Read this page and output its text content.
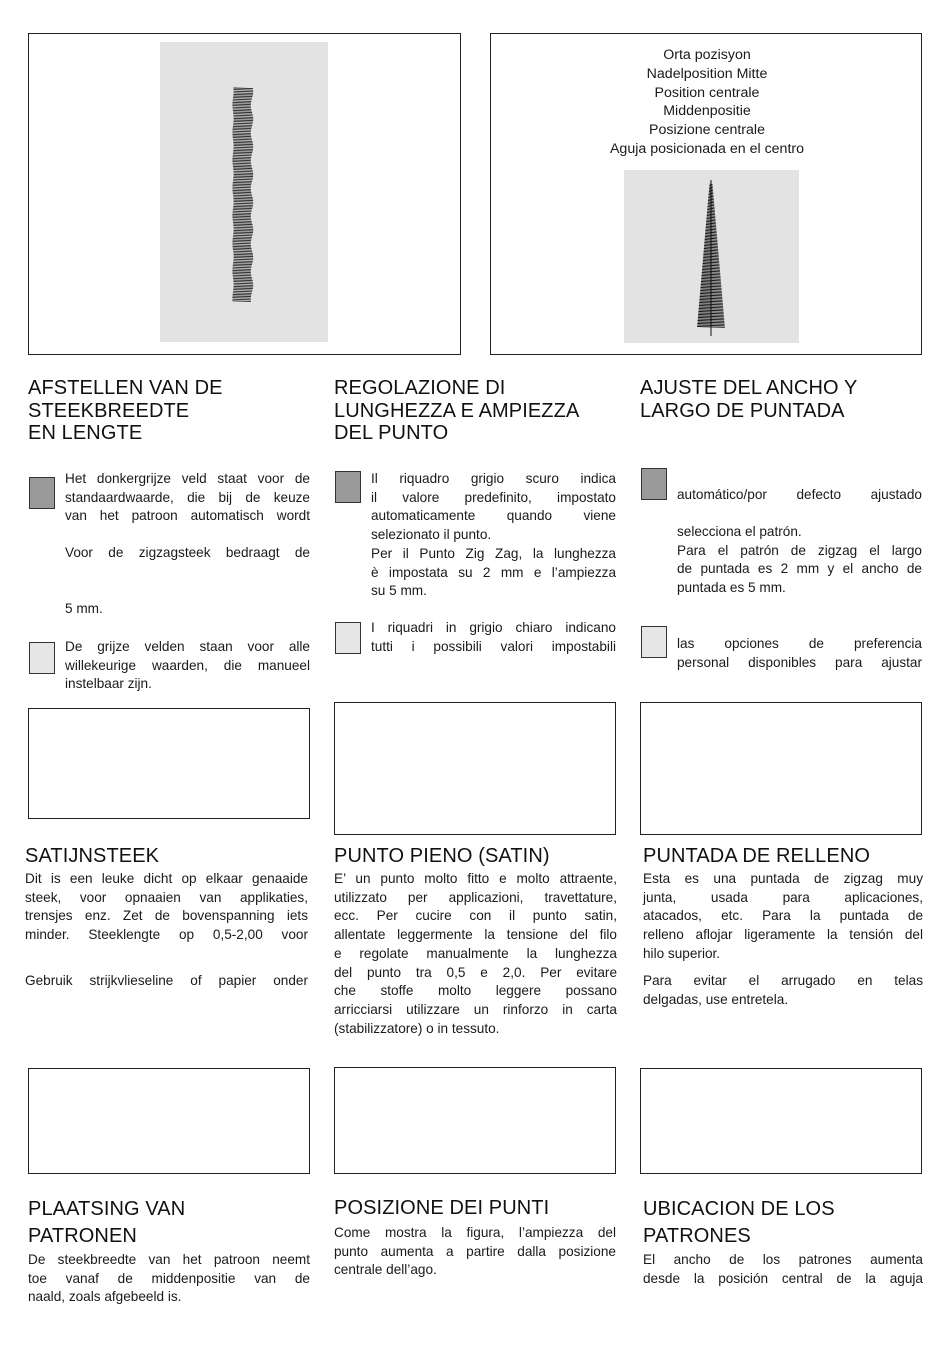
Orta pozisyon
Nadelposition Mitte
Position centrale
Middenpositie
Posizione centrale
Aguja posicionada en el centro
AFSTELLEN VAN DE
STEEKBREEDTE
EN LENGTE
Het donkergrijze veld staat voor de
standaardwaarde, die bij de keuze
van het patroon automatisch wordt
Voor de zigzagsteek bedraagt de
5 mm.
De grijze velden staan voor alle
willekeurige waarden, die manueel
instelbaar zijn.
SATIJNSTEEK
Dit is een leuke dicht op elkaar genaaide
steek, voor opnaaien van applikaties,
trensjes enz. Zet de bovenspanning iets
minder. Steeklengte op 0,5-2,00 voor
Gebruik strijkvlieseline of papier onder
PLAATSING VAN
PATRONEN
De steekbreedte van het patroon neemt
toe vanaf de middenpositie van de
naald, zoals afgebeeld is.
REGOLAZIONE DI
LUNGHEZZA E AMPIEZZA
DEL PUNTO
Il riquadro grigio scuro indica
il valore predefinito, impostato
automaticamente quando viene
selezionato il punto.
Per il Punto Zig Zag, la lunghezza
è impostata su 2 mm e l’ampiezza
su 5 mm.
I riquadri in grigio chiaro indicano
tutti i possibili valori impostabili
PUNTO PIENO (SATIN)
E’ un punto molto fitto e molto attraente,
utilizzato per applicazioni, travettature,
ecc. Per cucire con il punto satin,
allentate leggermente la tensione del filo
e regolate manualmente la lunghezza
del punto tra 0,5 e 2,0. Per evitare
che stoffe molto leggere possano
arricciarsi utilizzare un rinforzo in carta
(stabilizzatore) o in tessuto.
POSIZIONE DEI PUNTI
Come mostra la figura, l’ampiezza del
punto aumenta a partire dalla posizione
centrale dell’ago.
AJUSTE DEL ANCHO Y
LARGO DE PUNTADA
automático/por defecto ajustado
selecciona el patrón.
Para el patrón de zigzag el largo
de puntada es 2 mm y el ancho de
puntada es 5 mm.
las opciones de preferencia
personal disponibles para ajustar
PUNTADA DE RELLENO
Esta es una puntada de zigzag muy
junta, usada para aplicaciones,
atacados, etc. Para la puntada de
relleno aflojar ligeramente la tensión del
hilo superior.
Para evitar el arrugado en telas
delgadas, use entretela.
UBICACION DE LOS
PATRONES
El ancho de los patrones aumenta
desde la posición central de la aguja
